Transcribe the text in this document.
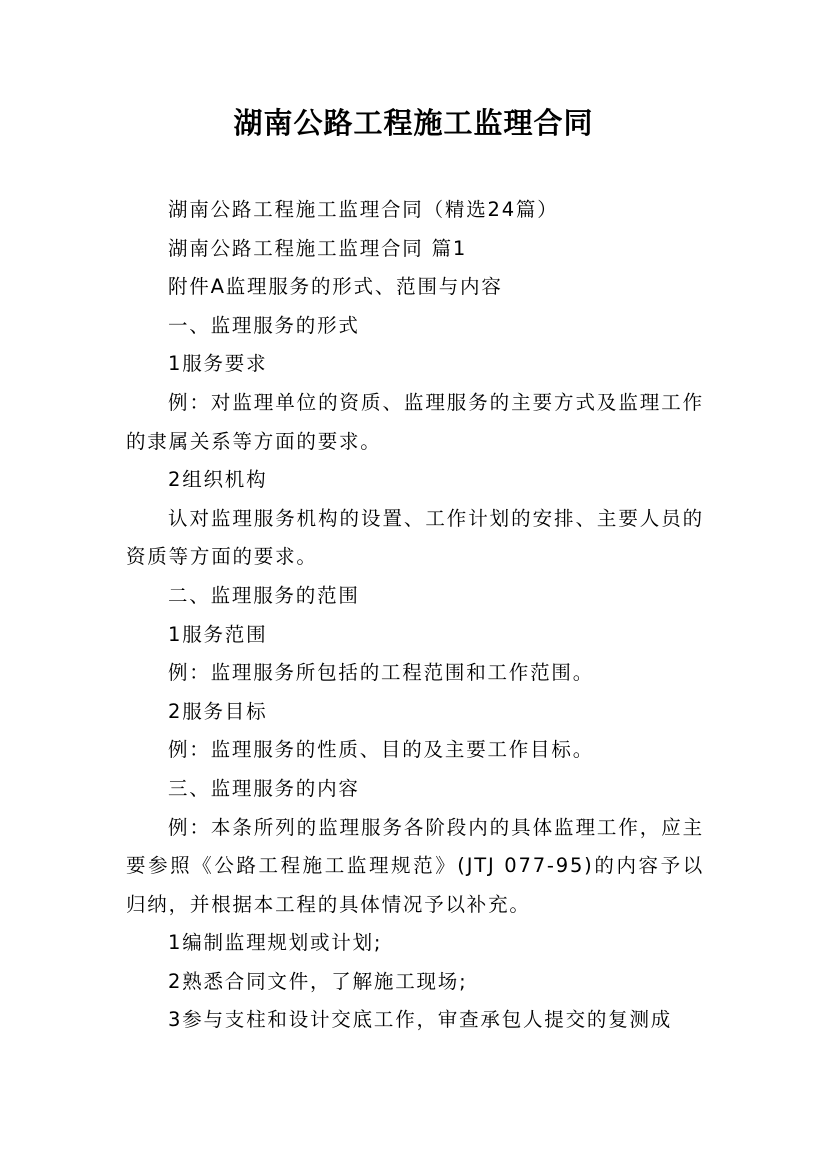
湖南公路工程施工监理合同

湖南公路工程施工监理合同（精选24篇）

湖南公路工程施工监理合同 篇1

附件A监理服务的形式、范围与内容

一、监理服务的形式

1服务要求

例：对监理单位的资质、监理服务的主要方式及监理工作的隶属关系等方面的要求。

2组织机构

认对监理服务机构的设置、工作计划的安排、主要人员的资质等方面的要求。

二、监理服务的范围

1服务范围

例：监理服务所包括的工程范围和工作范围。

2服务目标

例：监理服务的性质、目的及主要工作目标。

三、监理服务的内容

例：本条所列的监理服务各阶段内的具体监理工作，应主要参照《公路工程施工监理规范》(JTJ 077-95)的内容予以归纳，并根据本工程的具体情况予以补充。

1编制监理规划或计划;

2熟悉合同文件，了解施工现场;

3参与支柱和设计交底工作，审查承包人提交的复测成
